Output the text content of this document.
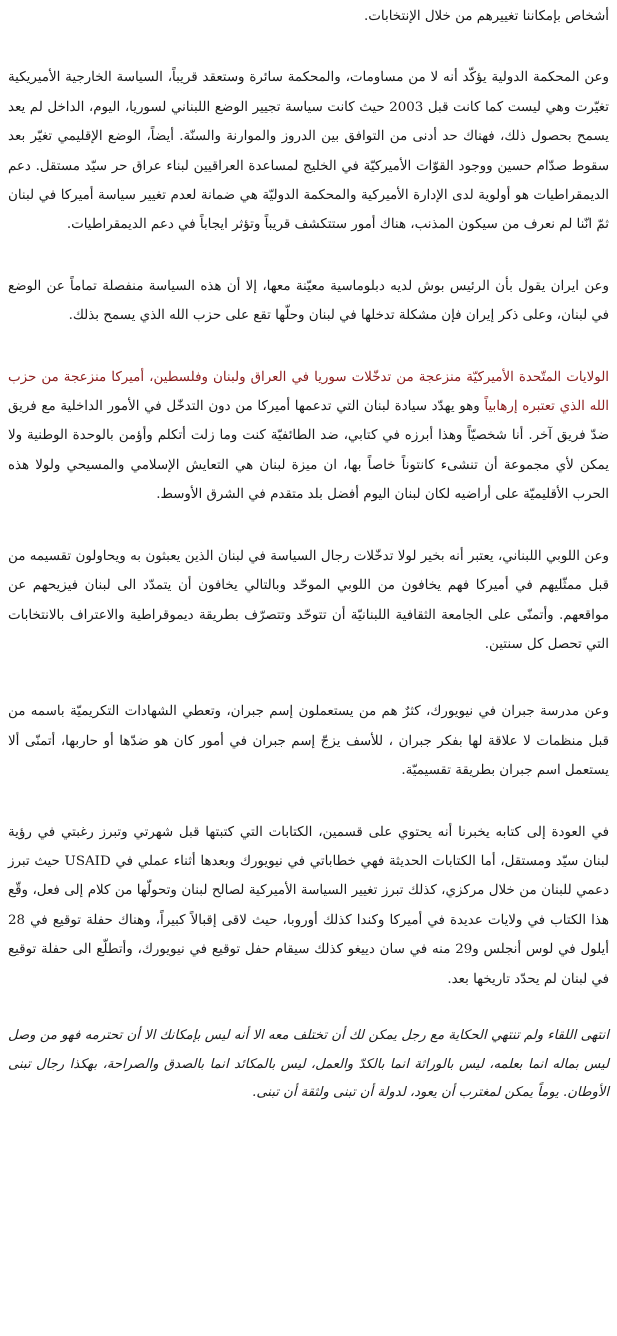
أشخاص بإمكاننا تغييرهم من خلال الإنتخابات.

وعن المحكمة الدولية يؤكّد أنه لا من مساومات، والمحكمة سائرة وستعقد قريباً، السياسة الخارجية الأميريكية تغيّرت وهي ليست كما كانت قبل 2003 حيث كانت سياسة تجيير الوضع اللبناني لسوريا، اليوم، الداخل لم يعد يسمح بحصول ذلك، فهناك حد أدنى من التوافق بين الدروز والموارنة والسنّة. أيضاً، الوضع الإقليمي تغيّر بعد سقوط صدّام حسين ووجود القوّات الأميركيّة في الخليج لمساعدة العراقيين لبناء عراق حر سيّد مستقل. دعم الديمقراطيات هو أولوية لدى الإدارة الأميركية والمحكمة الدوليّة هي ضمانة لعدم تغيير سياسة أميركا في لبنان ثمّ انّنا لم نعرف من سيكون المذنب، هناك أمور ستتكشف قريباً وتؤثر ايجاباً في دعم الديمقراطيات.

وعن ايران يقول بأن الرئيس بوش لديه دبلوماسية معيّنة معها، إلا أن هذه السياسة منفصلة تماماً عن الوضع في لبنان، وعلى ذكر إيران فإن مشكلة تدخلها في لبنان وحلّها تقع على حزب الله الذي يسمح بذلك.

الولايات المتّحدة الأميركيّة منزعجة من تدخّلات سوريا في العراق ولبنان وفلسطين، أميركا منزعجة من حزب الله الذي تعتبره إرهابياً وهو يهدّد سيادة لبنان التي تدعمها أميركا من دون التدخّل في الأمور الداخلية مع فريق ضدّ فريق آخر. أنا شخصيّاً وهذا أبرزه في كتابي، ضد الطائفيّة كنت وما زلت أتكلم وأؤمن بالوحدة الوطنية ولا يمكن لأي مجموعة أن تنشىء كانتوناً خاصاً بها، ان ميزة لبنان هي التعايش الإسلامي والمسيحي ولولا هذه الحرب الأقليميّة على أراضيه لكان لبنان اليوم أفضل بلد متقدم في الشرق الأوسط.

وعن اللوبي اللبناني، يعتبر أنه بخير لولا تدخّلات رجال السياسة في لبنان الذين يعبثون به ويحاولون تقسيمه من قبل ممثّليهم في أميركا فهم يخافون من اللوبي الموحّد وبالتالي يخافون أن يتمدّد الى لبنان فيزيحهم عن مواقعهم. وأتمنّى على الجامعة الثقافية اللبنانيّة أن تتوحّد وتتصرّف بطريقة ديموقراطية والاعتراف بالانتخابات التي تحصل كل سنتين.

وعن مدرسة جبران في نيويورك، كثرٌ هم من يستعملون إسم جبران، وتعطي الشهادات التكريميّة باسمه من قبل منظمات لا علاقة لها بفكر جبران ، للأسف يزجّ إسم جبران في أمور كان هو ضدّها أو حاربها، أتمنّى ألا يستعمل اسم جبران بطريقة تقسيميّة.

في العودة إلى كتابه يخبرنا أنه يحتوي على قسمين، الكتابات التي كتبتها قبل شهرتي وتبرز رغبتي في رؤية لبنان سيّد ومستقل، أما الكتابات الحديثة فهي خطاباتي في نيويورك وبعدها أثناء عملي في USAID حيث تبرز دعمي للبنان من خلال مركزي، كذلك تبرز تغيير السياسة الأميركية لصالح لبنان وتحولّها من كلام إلى فعل، وقّع هذا الكتاب في ولايات عديدة في أميركا وكندا كذلك أوروبا، حيث لاقى إقبالاً كبيراً، وهناك حفلة توقيع في 28 أيلول في لوس أنجلس و29 منه في سان دييغو كذلك سيقام حفل توقيع في نيويورك، وأتطلّع الى حفلة توقيع في لبنان لم يحدّد تاريخها بعد.

انتهى اللقاء ولم تنتهي الحكاية مع رجل يمكن لك أن تختلف معه الا أنه ليس بإمكانك الا أن تحترمه فهو من وصل ليس بماله انما بعلمه، ليس بالوراثة انما بالكدّ والعمل، ليس بالمكائد انما بالصدق والصراحة، بهكذا رجال تبنى الأوطان. يوماً يمكن لمغترب أن يعود، لدولة أن تبنى ولثقة أن تبنى.
